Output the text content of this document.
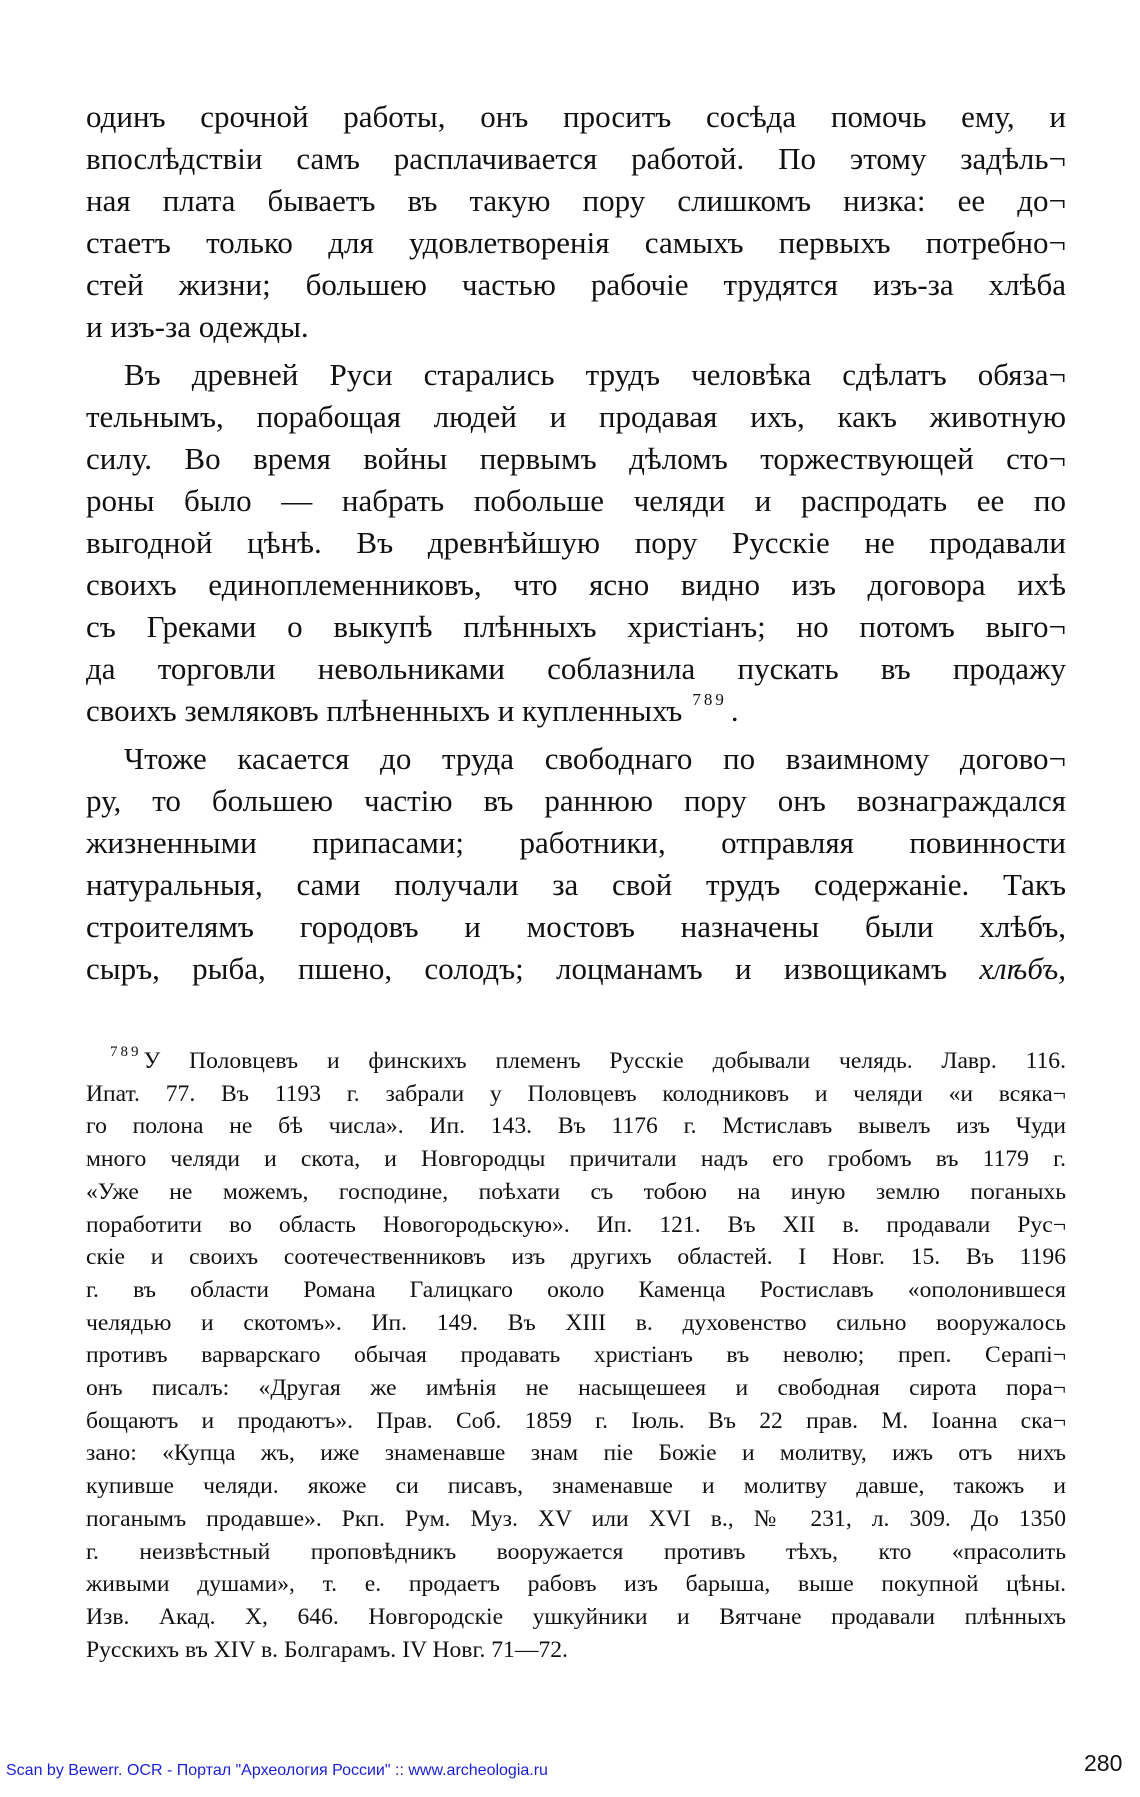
одинъ срочной работы, онъ проситъ сосѣда помочь ему, и
впослѣдствіи самъ расплачивается работой. По этому задѣль¬
ная плата бываетъ въ такую пору слишкомъ низка: ее до¬
стаетъ только для удовлетворенія самыхъ первыхъ потребно¬
стей жизни; большею частью рабочіе трудятся изъ-за хлѣба
и изъ-за одежды.

Въ древней Руси старались трудъ человѣка сдѣлатъ обяза¬
тельнымъ, порабощая людей и продавая ихъ, какъ животную
силу. Во время войны первымъ дѣломъ торжествующей сто¬
роны было — набрать побольше челяди и распродать ее по
выгодной цѣнѣ. Въ древнѣйшую пору Русскіе не продавали
своихъ единоплеменниковъ, что ясно видно изъ договора ихѣ
съ Греками о выкупѣ плѣнныхъ христіанъ; но потомъ выго¬
да торговли невольниками соблазнила пускать въ продажу
своихъ земляковъ плѣненныхъ и купленныхъ $^{789}$ .

Чтоже касается до труда свободнаго по взаимному догово¬
ру, то большею частію въ раннюю пору онъ вознаграждался
жизненными припасами; работники, отправляя повинности
натуральныя, сами получали за свой трудъ содержаніе. Такъ
строителямъ городовъ и мостовъ назначены были хлѣбъ,
сыръ, рыба, пшено, солодъ; лоцманамъ и извощикамъ хлѣбъ,

$^{789}$У Половцевъ и финскихъ племенъ Русскіе добывали челядь. Лавр. 116.
Ипат. 77. Въ 1193 г. забрали у Половцевъ колодниковъ и челяди «и всяка¬
го полона не бѣ числа». Ип. 143. Въ 1176 г. Мстиславъ вывелъ изъ Чуди
много челяди и скота, и Новгородцы причитали надъ его гробомъ въ 1179 г.
«Уже не можемъ, господине, поѣхати съ тобою на иную землю поганыхь
поработити во область Новогородьскую». Ип. 121. Въ XII в. продавали Рус¬
скіе и своихъ соотечественниковъ изъ другихъ областей. I Новг. 15. Въ 1196
г. въ области Романа Галицкаго около Каменца Ростиславъ «ополонившеся
челядью и скотомъ». Ип. 149. Въ XIII в. духовенство сильно вооружалось
противъ варварскаго обычая продавать христіанъ въ неволю; преп. Серапі¬
онъ писалъ: «Другая же имѣнія не насыщешеея и свободная сирота пора¬
бощаютъ и продаютъ». Прав. Соб. 1859 г. Іюль. Въ 22 прав. М. Іоанна ска¬
зано: «Купца жъ, иже знаменавше знам піе Божіе и молитву, ижъ отъ нихъ
купивше челяди. якоже си писавъ, знаменавше и молитву давше, такожъ и
поганымъ продавше». Ркп. Рум. Муз. XV или XVI в., № 231, л. 309. До 1350
г. неизвѣстный проповѣдникъ вооружается противъ тѣхъ, кто «прасолить
живыми душами», т. е. продаетъ рабовъ изъ барыша, выше покупной цѣны.
Изв. Акад. X, 646. Новгородскіе ушкуйники и Вятчане продавали плѣнныхъ
Русскихъ въ XIV в. Болгарамъ. IV Новг. 71—72.
Scan by Bewerr. OCR - Портал "Археология России" :: www.archeologia.ru	280
